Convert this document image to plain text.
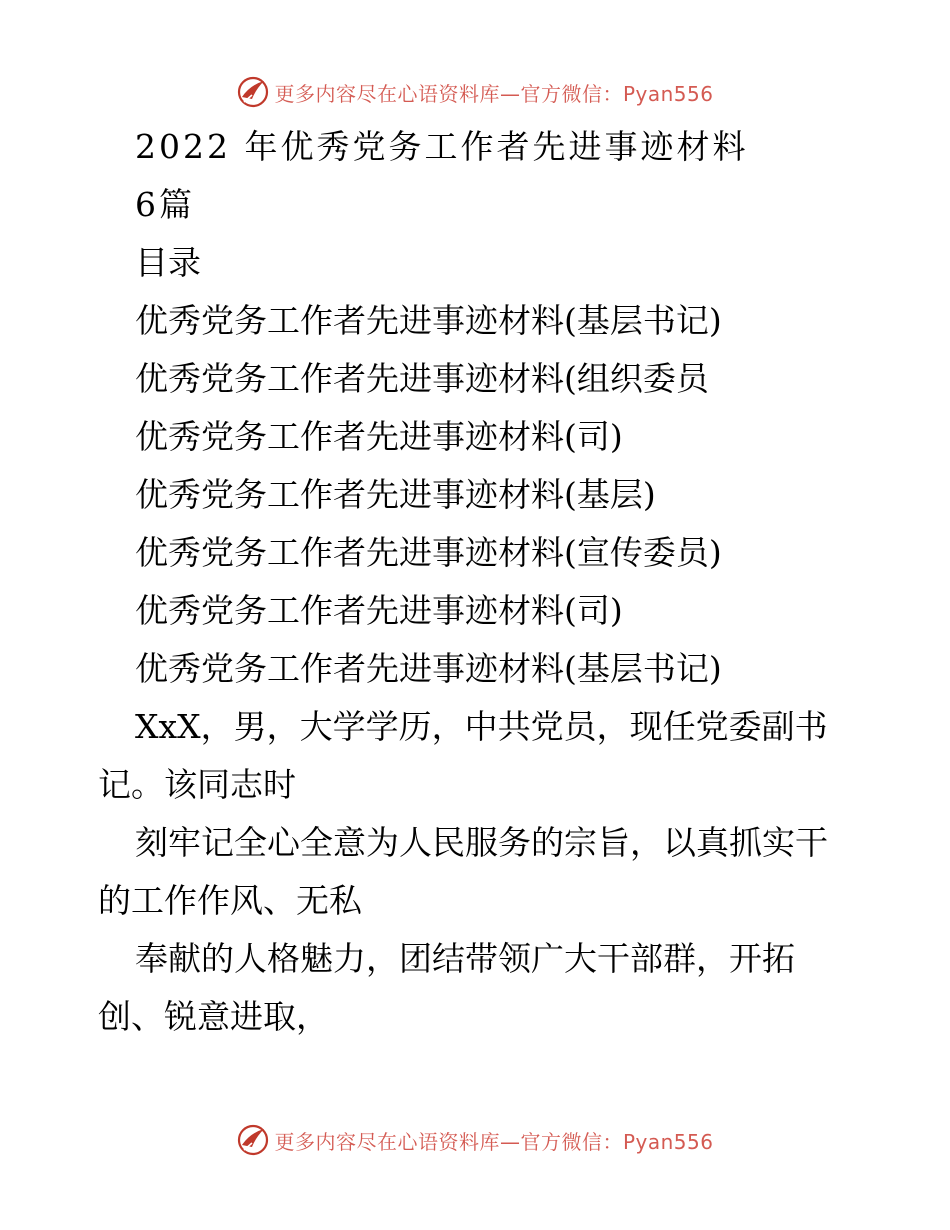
更多内容尽在心语资料库—官方微信：Pyan556
2022 年优秀党务工作者先进事迹材料
6篇
目录
优秀党务工作者先进事迹材料(基层书记)
优秀党务工作者先进事迹材料(组织委员
优秀党务工作者先进事迹材料(司)
优秀党务工作者先进事迹材料(基层)
优秀党务工作者先进事迹材料(宣传委员)
优秀党务工作者先进事迹材料(司)
优秀党务工作者先进事迹材料(基层书记)
XxX，男，大学学历，中共党员，现任党委副书
记。该同志时
刻牢记全心全意为人民服务的宗旨，以真抓实干
的工作作风、无私
奉献的人格魅力，团结带领广大干部群，开拓
创、锐意进取，
更多内容尽在心语资料库—官方微信：Pyan556
